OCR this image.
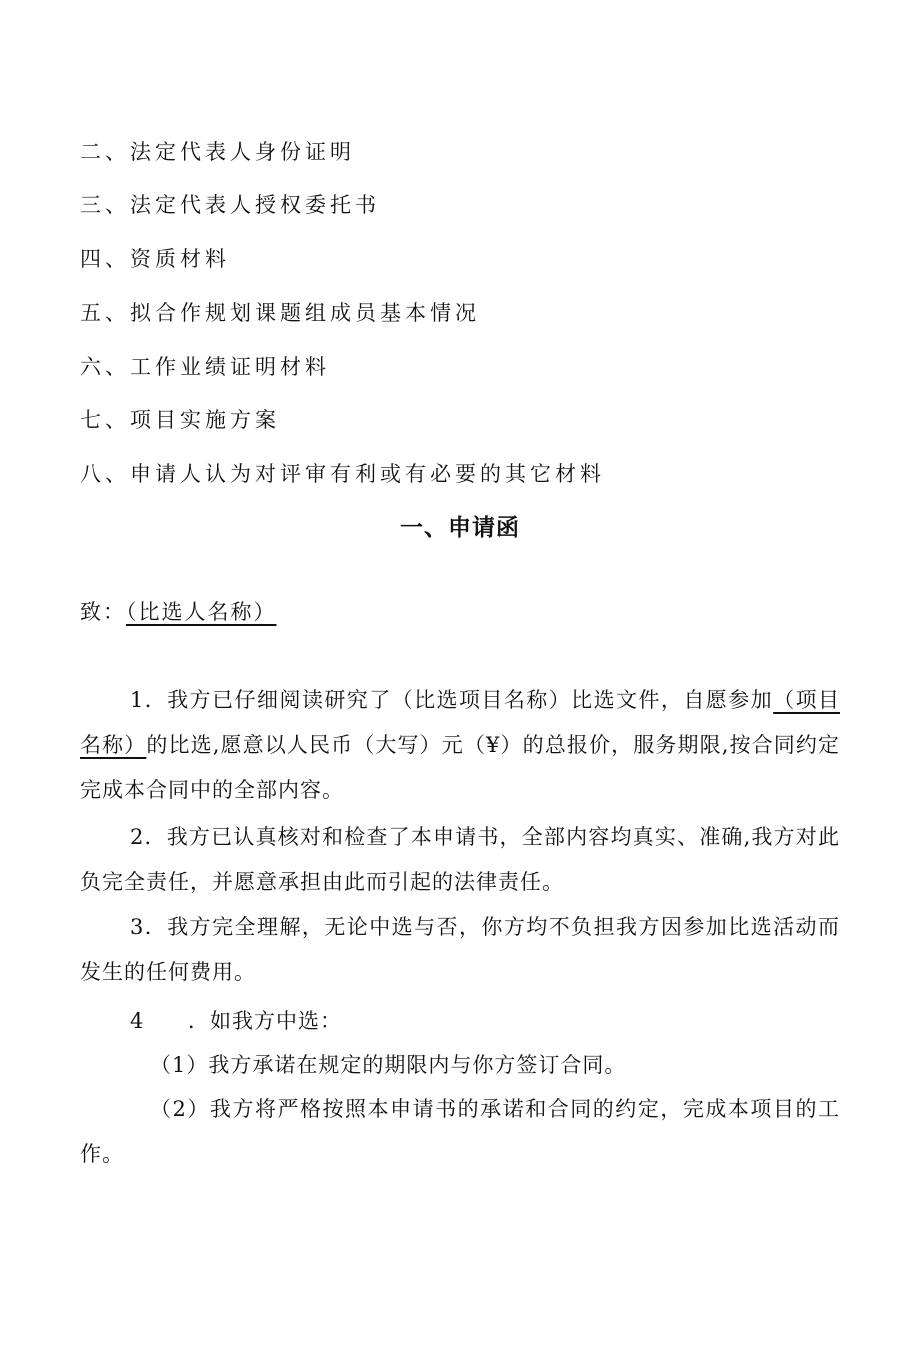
二、法定代表人身份证明
三、法定代表人授权委托书
四、资质材料
五、拟合作规划课题组成员基本情况
六、工作业绩证明材料
七、项目实施方案
八、申请人认为对评审有利或有必要的其它材料
一、申请函
致：（比选人名称）

1．我方已仔细阅读研究了（比选项目名称）比选文件，自愿参加（项目名称）的比选,愿意以人民币（大写）元（¥）的总报价，服务期限,按合同约定完成本合同中的全部内容。

2．我方已认真核对和检查了本申请书，全部内容均真实、准确,我方对此负完全责任，并愿意承担由此而引起的法律责任。

3．我方完全理解，无论中选与否，你方均不负担我方因参加比选活动而发生的任何费用。

4 ．如我方中选：
（1）我方承诺在规定的期限内与你方签订合同。

（2）我方将严格按照本申请书的承诺和合同的约定，完成本项目的工作。
